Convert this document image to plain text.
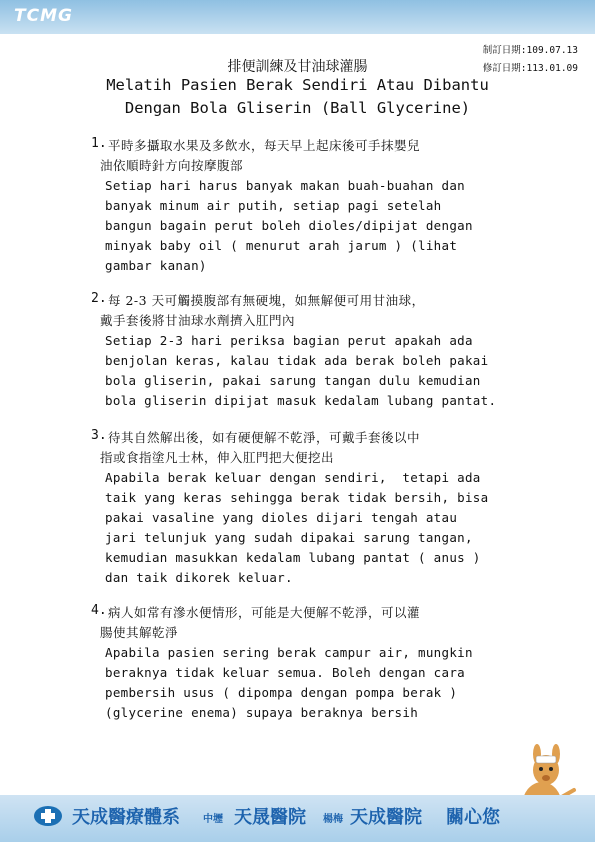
TCMG
制訂日期:109.07.13
修訂日期:113.01.09
排便訓練及甘油球灌腸
Melatih Pasien Berak Sendiri Atau Dibantu
Dengan Bola Gliserin (Ball Glycerine)
1. 平時多攝取水果及多飲水，每天早上起床後可手抹嬰兒
油依順時針方向按摩腹部
Setiap hari harus banyak makan buah-buahan dan
banyak minum air putih, setiap pagi setelah
bangun bagain perut boleh dioles/dipijat dengan
minyak baby oil ( menurut arah jarum ) (lihat
gambar kanan)
2. 每 2-3 天可觸摸腹部有無硬塊，如無解便可用甘油球，
戴手套後將甘油球水劑擠入肛門內
Setiap 2-3 hari periksa bagian perut apakah ada
benjolan keras, kalau tidak ada berak boleh pakai
bola gliserin, pakai sarung tangan dulu kemudian
bola gliserin dipijat masuk kedalam lubang pantat.
3. 待其自然解出後，如有硬便解不乾淨，可戴手套後以中
指或食指塗凡士林，伸入肛門把大便挖出
Apabila berak keluar dengan sendiri,  tetapi ada
taik yang keras sehingga berak tidak bersih, bisa
pakai vasaline yang dioles dijari tengah atau
jari telunjuk yang sudah dipakai sarung tangan,
kemudian masukkan kedalam lubang pantat ( anus )
dan taik dikorek keluar.
4. 病人如常有滲水便情形，可能是大便解不乾淨，可以灌
腸使其解乾淨
Apabila pasien sering berak campur air, mungkin
beraknya tidak keluar semua. Boleh dengan cara
pembersih usus ( dipompa dengan pompa berak )
(glycerine enema) supaya beraknya bersih
天成醫療體系 中壢 天晟醫院 楊梅 天成醫院 關心您
